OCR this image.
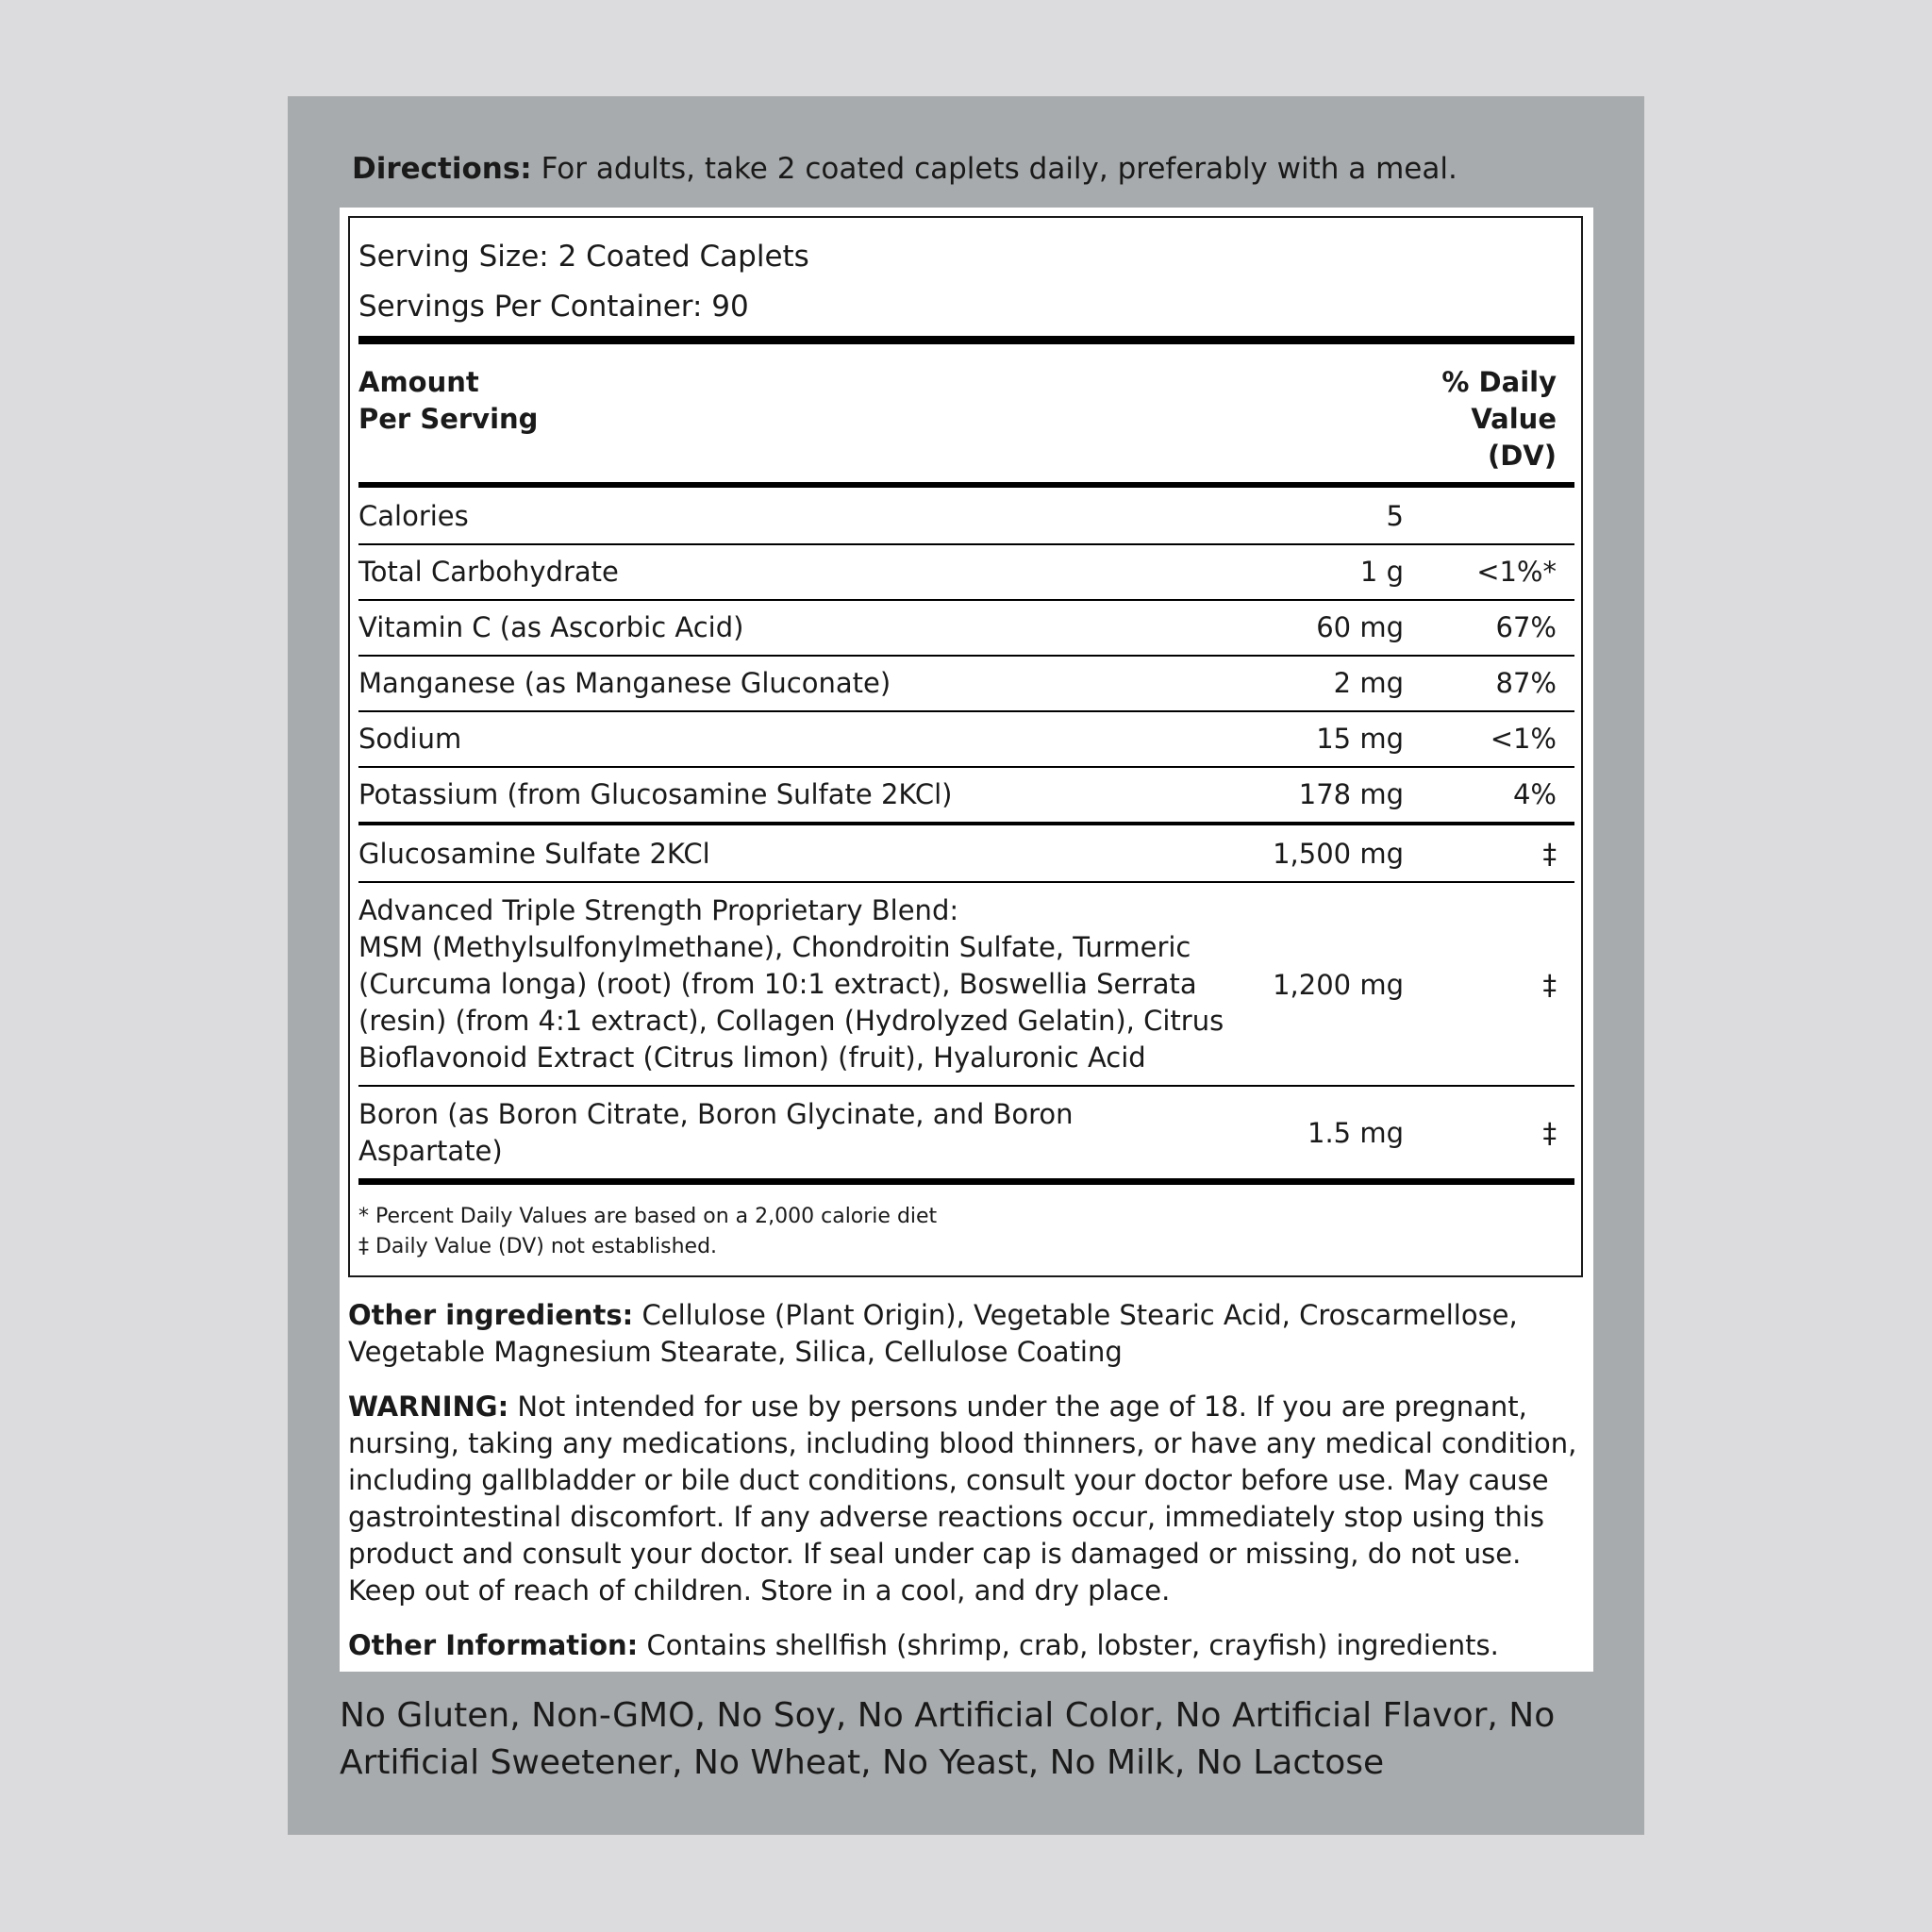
Directions: For adults, take 2 coated caplets daily, preferably with a meal.
Serving Size: 2 Coated Caplets
Servings Per Container: 90
Amount
Per Serving
% Daily
Value
(DV)
Calories	5
Total Carbohydrate	1 g	<1%*
Vitamin C (as Ascorbic Acid)	60 mg	67%
Manganese (as Manganese Gluconate)	2 mg	87%
Sodium	15 mg	<1%
Potassium (from Glucosamine Sulfate 2KCl)	178 mg	4%
Glucosamine Sulfate 2KCl	1,500 mg	‡
Advanced Triple Strength Proprietary Blend:
MSM (Methylsulfonylmethane), Chondroitin Sulfate, Turmeric
(Curcuma longa) (root) (from 10:1 extract), Boswellia Serrata
(resin) (from 4:1 extract), Collagen (Hydrolyzed Gelatin), Citrus
Bioflavonoid Extract (Citrus limon) (fruit), Hyaluronic Acid
1,200 mg	‡
Boron (as Boron Citrate, Boron Glycinate, and Boron
Aspartate)
1.5 mg	‡
* Percent Daily Values are based on a 2,000 calorie diet
‡ Daily Value (DV) not established.
Other ingredients: Cellulose (Plant Origin), Vegetable Stearic Acid, Croscarmellose, Vegetable Magnesium Stearate, Silica, Cellulose Coating
WARNING: Not intended for use by persons under the age of 18. If you are pregnant, nursing, taking any medications, including blood thinners, or have any medical condition, including gallbladder or bile duct conditions, consult your doctor before use. May cause gastrointestinal discomfort. If any adverse reactions occur, immediately stop using this product and consult your doctor. If seal under cap is damaged or missing, do not use. Keep out of reach of children. Store in a cool, and dry place.
Other Information: Contains shellfish (shrimp, crab, lobster, crayfish) ingredients.
No Gluten, Non-GMO, No Soy, No Artificial Color, No Artificial Flavor, No Artificial Sweetener, No Wheat, No Yeast, No Milk, No Lactose
